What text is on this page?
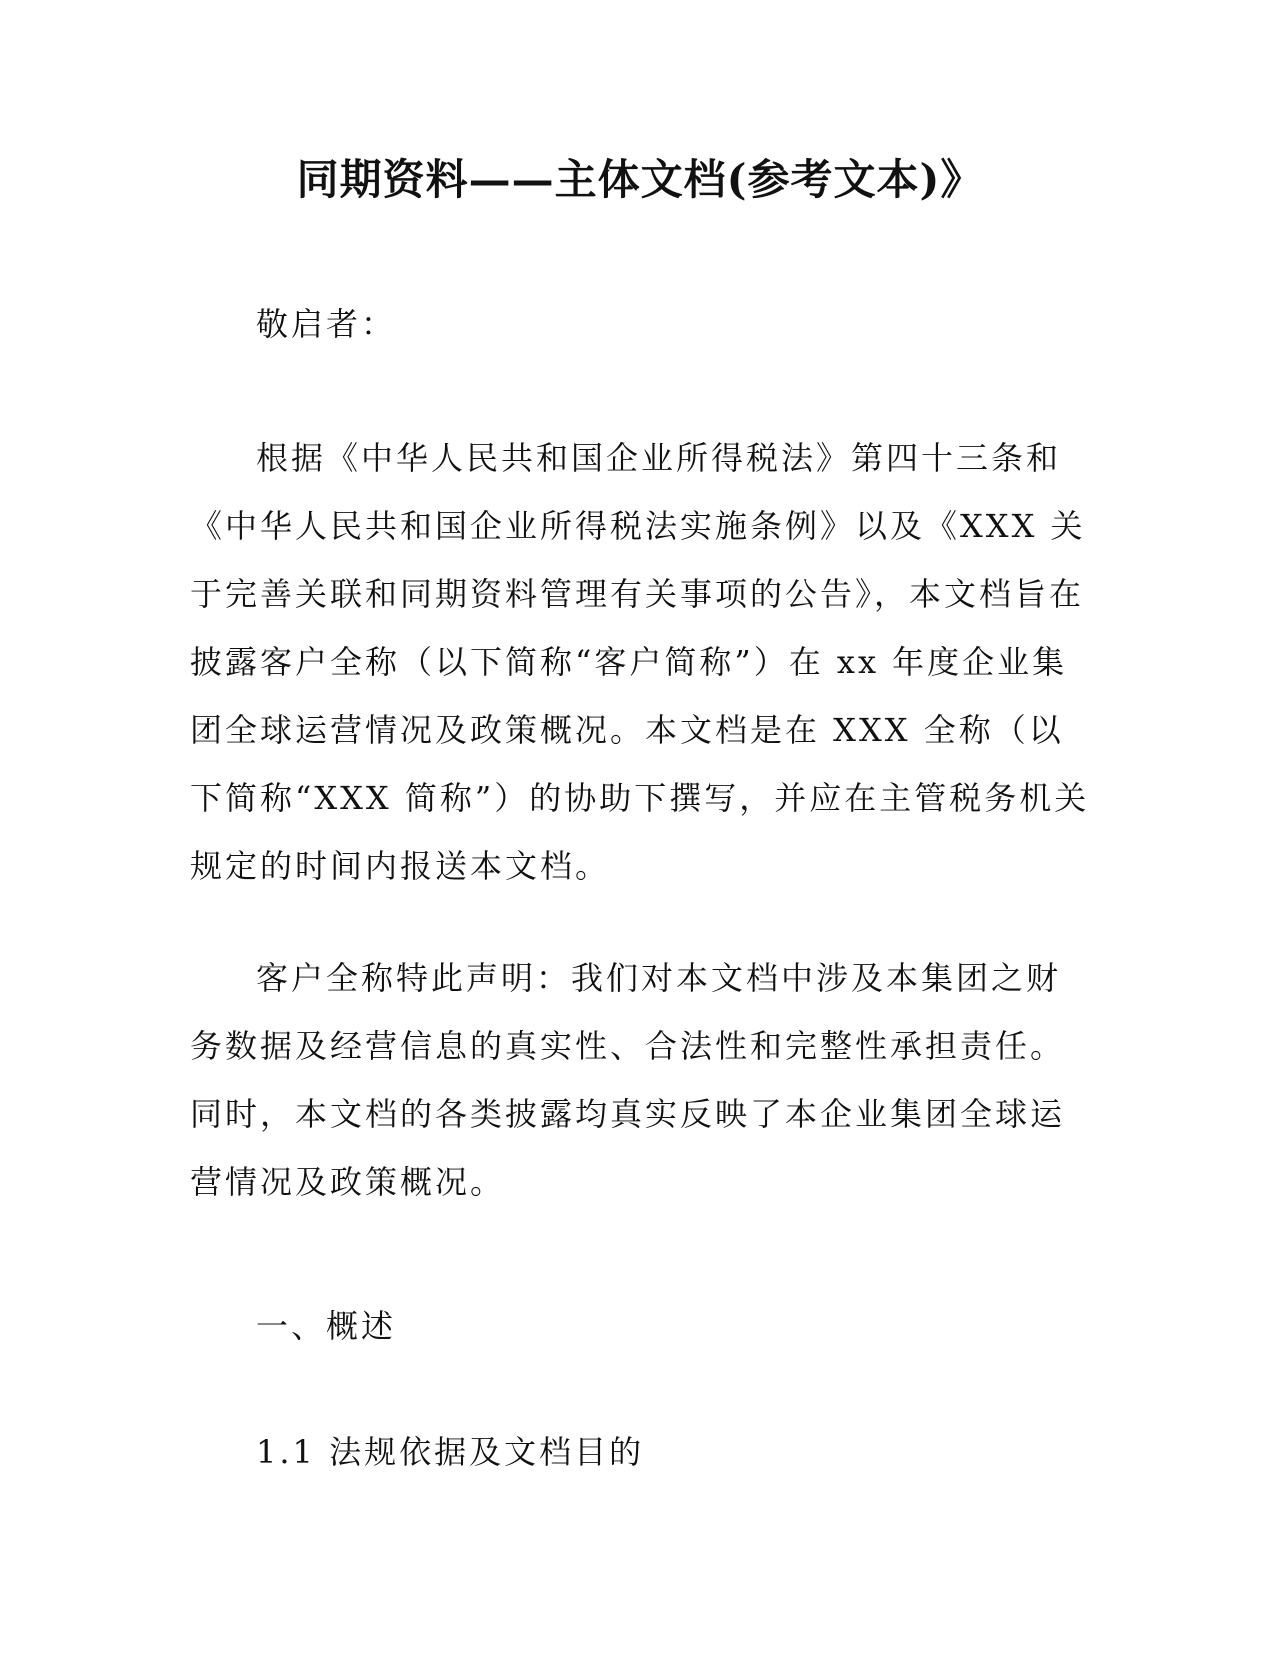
同期资料——主体文档(参考文本)》

敬启者：

根据《中华人民共和国企业所得税法》第四十三条和《中华人民共和国企业所得税法实施条例》以及《XXX 关于完善关联和同期资料管理有关事项的公告》，本文档旨在披露客户全称（以下简称“客户简称”）在 xx 年度企业集团全球运营情况及政策概况。本文档是在 XXX 全称（以下简称“XXX 简称”）的协助下撰写，并应在主管税务机关规定的时间内报送本文档。

客户全称特此声明：我们对本文档中涉及本集团之财务数据及经营信息的真实性、合法性和完整性承担责任。同时，本文档的各类披露均真实反映了本企业集团全球运营情况及政策概况。

一、概述

1.1 法规依据及文档目的
